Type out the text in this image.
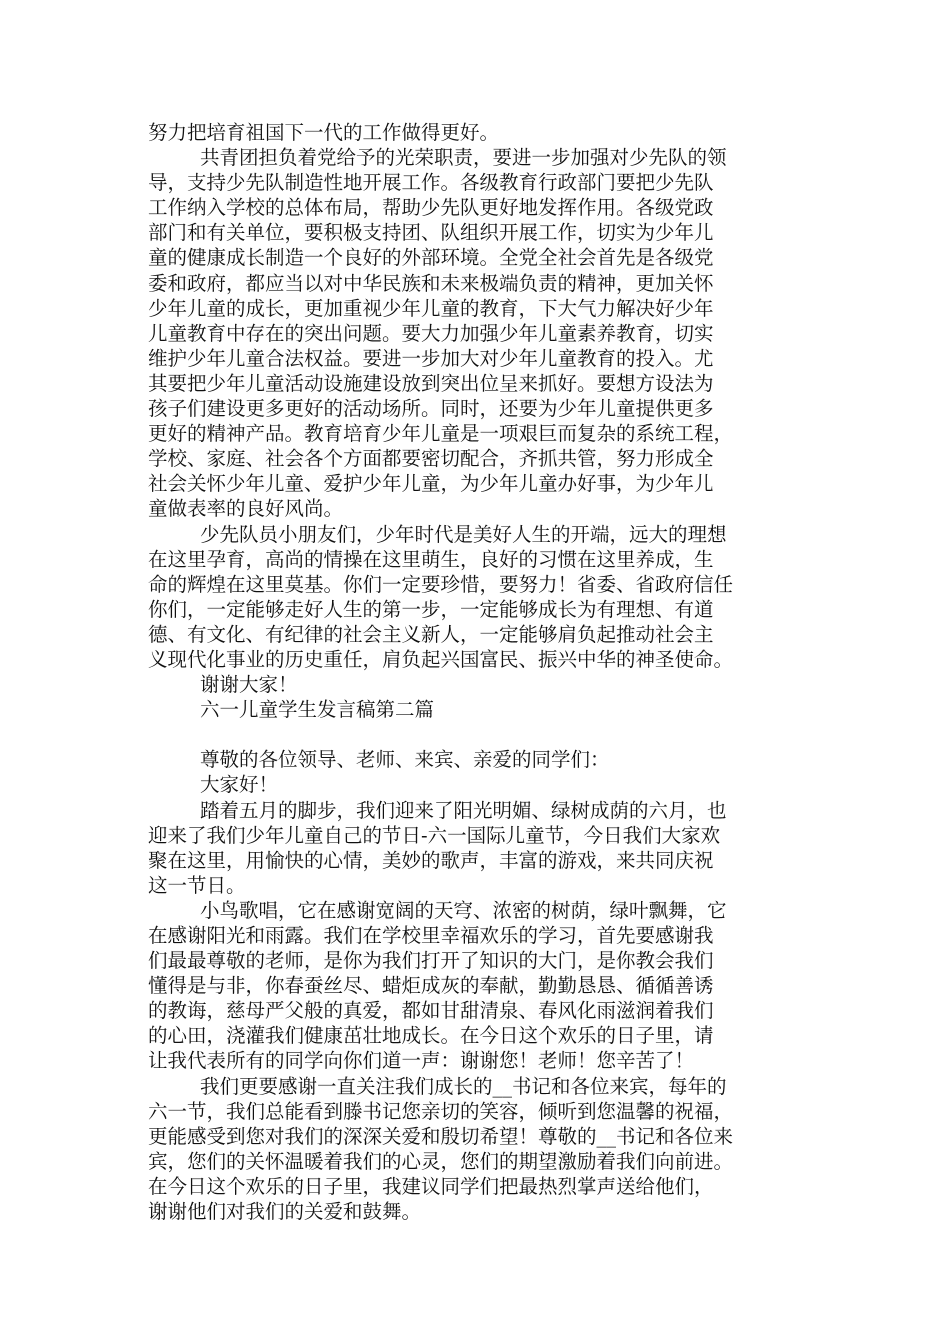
努力把培育祖国下一代的工作做得更好。
共青团担负着党给予的光荣职责，要进一步加强对少先队的领
导，支持少先队制造性地开展工作。各级教育行政部门要把少先队
工作纳入学校的总体布局，帮助少先队更好地发挥作用。各级党政
部门和有关单位，要积极支持团、队组织开展工作，切实为少年儿
童的健康成长制造一个良好的外部环境。全党全社会首先是各级党
委和政府，都应当以对中华民族和未来极端负责的精神，更加关怀
少年儿童的成长，更加重视少年儿童的教育，下大气力解决好少年
儿童教育中存在的突出问题。要大力加强少年儿童素养教育，切实
维护少年儿童合法权益。要进一步加大对少年儿童教育的投入。尤
其要把少年儿童活动设施建设放到突出位呈来抓好。要想方设法为
孩子们建设更多更好的活动场所。同时，还要为少年儿童提供更多
更好的精神产品。教育培育少年儿童是一项艰巨而复杂的系统工程，
学校、家庭、社会各个方面都要密切配合，齐抓共管，努力形成全
社会关怀少年儿童、爱护少年儿童，为少年儿童办好事，为少年儿
童做表率的良好风尚。
少先队员小朋友们，少年时代是美好人生的开端，远大的理想
在这里孕育，高尚的情操在这里萌生，良好的习惯在这里养成，生
命的辉煌在这里莫基。你们一定要珍惜，要努力！省委、省政府信任
你们，一定能够走好人生的第一步，一定能够成长为有理想、有道
德、有文化、有纪律的社会主义新人，一定能够肩负起推动社会主
义现代化事业的历史重任，肩负起兴国富民、振兴中华的神圣使命。
谢谢大家！
六一儿童学生发言稿第二篇
尊敬的各位领导、老师、来宾、亲爱的同学们：
大家好！
踏着五月的脚步，我们迎来了阳光明媚、绿树成荫的六月，也
迎来了我们少年儿童自己的节日-六一国际儿童节，今日我们大家欢
聚在这里，用愉快的心情，美妙的歌声，丰富的游戏，来共同庆祝
这一节日。
小鸟歌唱，它在感谢宽阔的天穹、浓密的树荫，绿叶飘舞，它
在感谢阳光和雨露。我们在学校里幸福欢乐的学习，首先要感谢我
们最最尊敬的老师，是你为我们打开了知识的大门，是你教会我们
懂得是与非，你春蚕丝尽、蜡炬成灰的奉献，勤勤恳恳、循循善诱
的教诲，慈母严父般的真爱，都如甘甜清泉、春风化雨滋润着我们
的心田，浇灌我们健康茁壮地成长。在今日这个欢乐的日子里，请
让我代表所有的同学向你们道一声：谢谢您！老师！您辛苦了！
我们更要感谢一直关注我们成长的__书记和各位来宾，每年的
六一节，我们总能看到滕书记您亲切的笑容，倾听到您温馨的祝福，
更能感受到您对我们的深深关爱和殷切希望！尊敬的__书记和各位来
宾，您们的关怀温暖着我们的心灵，您们的期望激励着我们向前进。
在今日这个欢乐的日子里，我建议同学们把最热烈掌声送给他们，
谢谢他们对我们的关爱和鼓舞。
